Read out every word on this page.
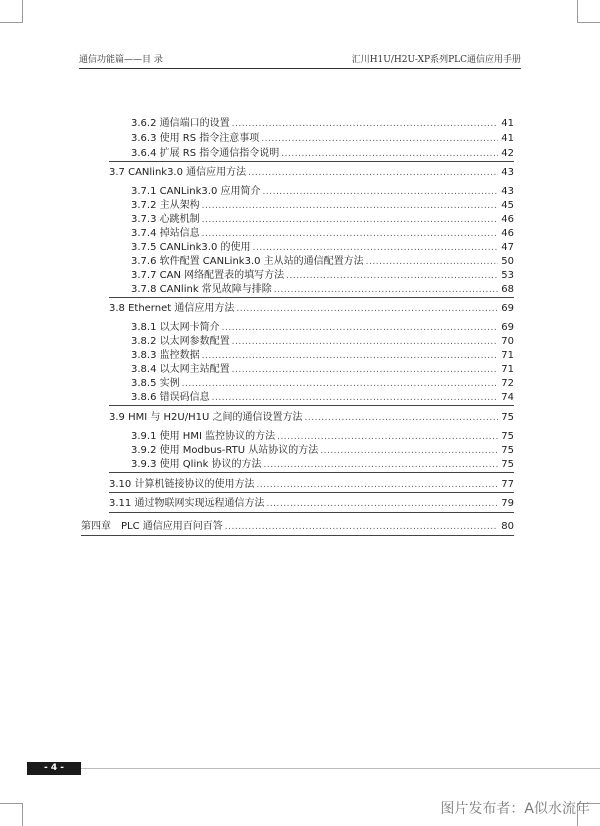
通信功能篇——目 录	汇川H1U/H2U-XP系列PLC通信应用手册
3.6.2 通信端口的设置 .....	41
3.6.3 使用 RS 指令注意事项 .....	41
3.6.4 扩展 RS 指令通信指令说明 .....	42
3.7 CANlink3.0 通信应用方法 .....	43
3.7.1 CANLink3.0 应用简介 .....	43
3.7.2 主从架构 .....	45
3.7.3 心跳机制 .....	46
3.7.4 掉站信息 .....	46
3.7.5 CANLink3.0 的使用 .....	47
3.7.6 软件配置 CANLink3.0 主从站的通信配置方法 .....	50
3.7.7 CAN 网络配置表的填写方法 .....	53
3.7.8 CANlink 常见故障与排除 .....	68
3.8 Ethernet 通信应用方法 .....	69
3.8.1 以太网卡简介 .....	69
3.8.2 以太网参数配置 .....	70
3.8.3 监控数据 .....	71
3.8.4 以太网主站配置 .....	71
3.8.5 实例 .....	72
3.8.6 错误码信息 .....	74
3.9 HMI 与 H2U/H1U 之间的通信设置方法 .....	75
3.9.1 使用 HMI 监控协议的方法 .....	75
3.9.2 使用 Modbus-RTU 从站协议的方法 .....	75
3.9.3 使用 Qlink 协议的方法 .....	75
3.10 计算机链接协议的使用方法 .....	77
3.11 通过物联网实现远程通信方法 .....	79
第四章　PLC 通信应用百问百答 .....	80
- 4 -
图片发布者：A似水流年
